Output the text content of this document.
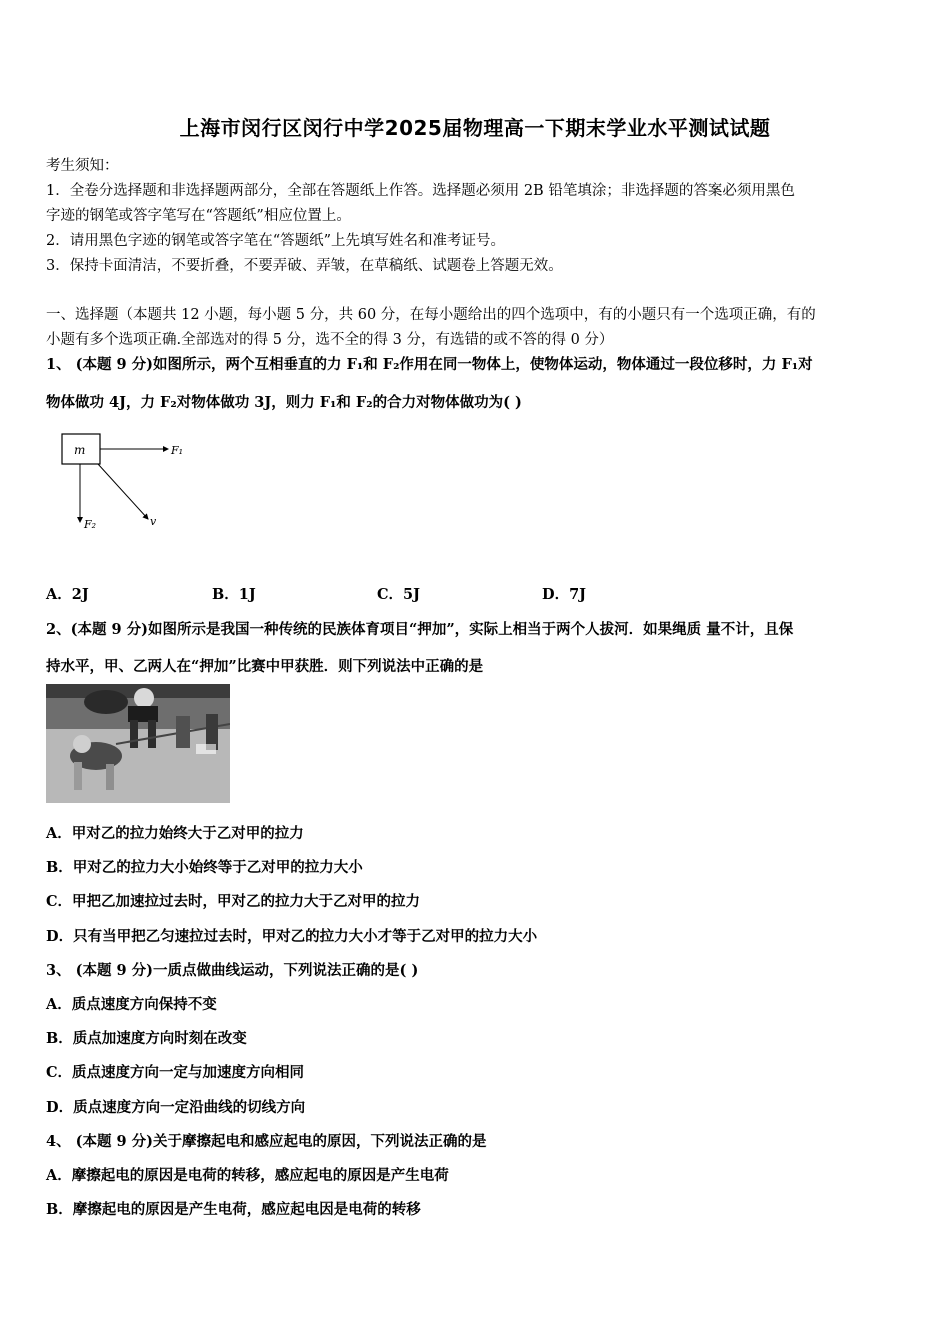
上海市闵行区闵行中学2025届物理高一下期末学业水平测试试题
考生须知：
1．全卷分选择题和非选择题两部分，全部在答题纸上作答。选择题必须用 2B 铅笔填涂；非选择题的答案必须用黑色
字迹的钢笔或答字笔写在“答题纸”相应位置上。
2．请用黑色字迹的钢笔或答字笔在“答题纸”上先填写姓名和准考证号。
3．保持卡面清洁，不要折叠，不要弄破、弄皱，在草稿纸、试题卷上答题无效。
一、选择题（本题共 12 小题，每小题 5 分，共 60 分，在每小题给出的四个选项中，有的小题只有一个选项正确，有的
小题有多个选项正确.全部选对的得 5 分，选不全的得 3 分，有选错的或不答的得 0 分）
1、 (本题 9 分)如图所示，两个互相垂直的力 F₁和 F₂作用在同一物体上，使物体运动，物体通过一段位移时，力 F₁对
物体做功 4J，力 F₂对物体做功 3J，则力 F₁和 F₂的合力对物体做功为( )
m	F₁
F₂	v
A．2J	B．1J	C．5J	D．7J
2、(本题 9 分)如图所示是我国一种传统的民族体育项目“押加”，实际上相当于两个人拔河．如果绳质 量不计，且保
持水平，甲、乙两人在“押加”比赛中甲获胜．则下列说法中正确的是
A．甲对乙的拉力始终大于乙对甲的拉力
B．甲对乙的拉力大小始终等于乙对甲的拉力大小
C．甲把乙加速拉过去时，甲对乙的拉力大于乙对甲的拉力
D．只有当甲把乙匀速拉过去时，甲对乙的拉力大小才等于乙对甲的拉力大小
3、 (本题 9 分)一质点做曲线运动，下列说法正确的是( )
A．质点速度方向保持不变
B．质点加速度方向时刻在改变
C．质点速度方向一定与加速度方向相同
D．质点速度方向一定沿曲线的切线方向
4、 (本题 9 分)关于摩擦起电和感应起电的原因，下列说法正确的是
A．摩擦起电的原因是电荷的转移，感应起电的原因是产生电荷
B．摩擦起电的原因是产生电荷，感应起电因是电荷的转移
